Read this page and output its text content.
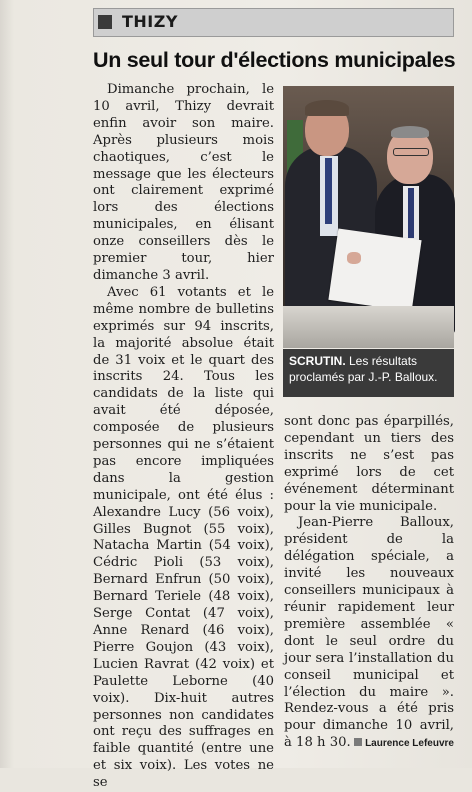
THIZY
Un seul tour d'élections municipales

Dimanche prochain, le 10 avril, Thizy devrait enfin avoir son maire. Après plusieurs mois chaotiques, c’est le message que les électeurs ont clairement exprimé lors des élections municipales, en élisant onze conseillers dès le premier tour, hier dimanche 3 avril.

Avec 61 votants et le même nombre de bulletins exprimés sur 94 inscrits, la majorité absolue était de 31 voix et le quart des inscrits 24. Tous les candidats de la liste qui avait été déposée, composée de plusieurs personnes qui ne s’étaient pas encore impliquées dans la gestion municipale, ont été élus : Alexandre Lucy (56 voix), Gilles Bugnot (55 voix), Natacha Martin (54 voix), Cédric Pioli (53 voix), Bernard Enfrun (50 voix), Bernard Teriele (48 voix), Serge Contat (47 voix), Anne Renard (46 voix), Pierre Goujon (43 voix), Lucien Ravrat (42 voix) et Paulette Leborne (40 voix). Dix-huit autres personnes non candidates ont reçu des suffrages en faible quantité (entre une et six voix). Les votes ne se

SCRUTIN. Les résultats proclamés par J.-P. Balloux.

sont donc pas éparpillés, cependant un tiers des inscrits ne s’est pas exprimé lors de cet événement déterminant pour la vie municipale.

Jean-Pierre Balloux, président de la délégation spéciale, a invité les nouveaux conseillers municipaux à réunir rapidement leur première assemblée « dont le seul ordre du jour sera l’installation du conseil municipal et l’élection du maire ». Rendez-vous a été pris pour dimanche 10 avril, à 18 h 30.	Laurence Lefeuvre
